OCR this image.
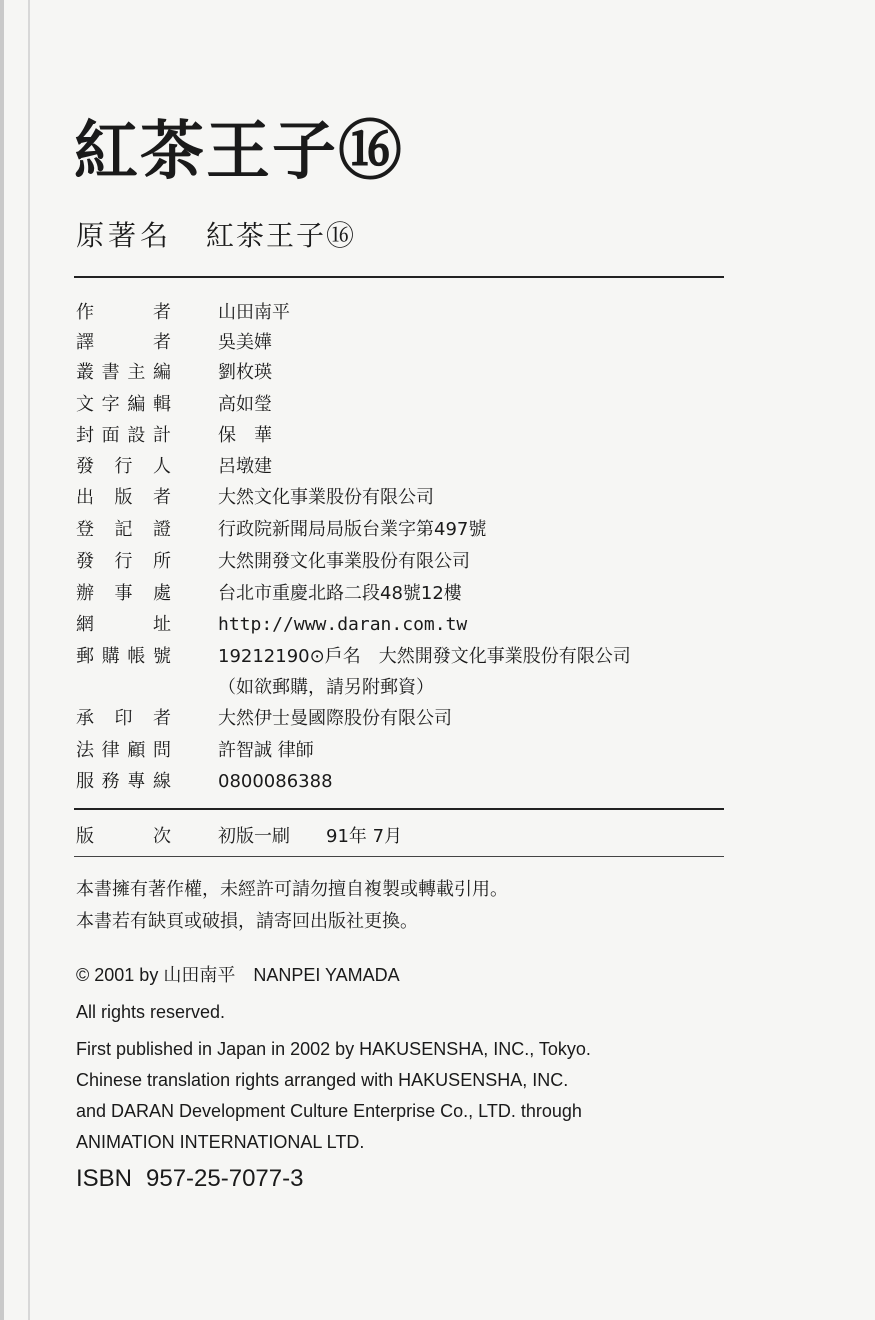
紅茶王子⑯
原著名 紅茶王子⑯
作　者	山田南平
譯　者	吳美嬅
叢書主編	劉枚瑛
文字編輯	高如瑩
封面設計	保　華
發行人	呂墩建
出版者	大然文化事業股份有限公司
登記證	行政院新聞局局版台業字第497號
發行所	大然開發文化事業股份有限公司
辦事處	台北市重慶北路二段48號12樓
網　址	http://www.daran.com.tw
郵購帳號	19212190⊙戶名　大然開發文化事業股份有限公司
（如欲郵購，請另附郵資）
承印者	大然伊士曼國際股份有限公司
法律顧問	許智誠 律師
服務專線	0800086388
版　次	初版一刷　　91年 7月
本書擁有著作權，未經許可請勿擅自複製或轉載引用。
本書若有缺頁或破損，請寄回出版社更換。
© 2001 by 山田南平　NANPEI YAMADA
All rights reserved.
First published in Japan in 2002 by HAKUSENSHA, INC., Tokyo.
Chinese translation rights arranged with HAKUSENSHA, INC.
and DARAN Development Culture Enterprise Co., LTD. through
ANIMATION INTERNATIONAL LTD.
ISBN 957-25-7077-3
